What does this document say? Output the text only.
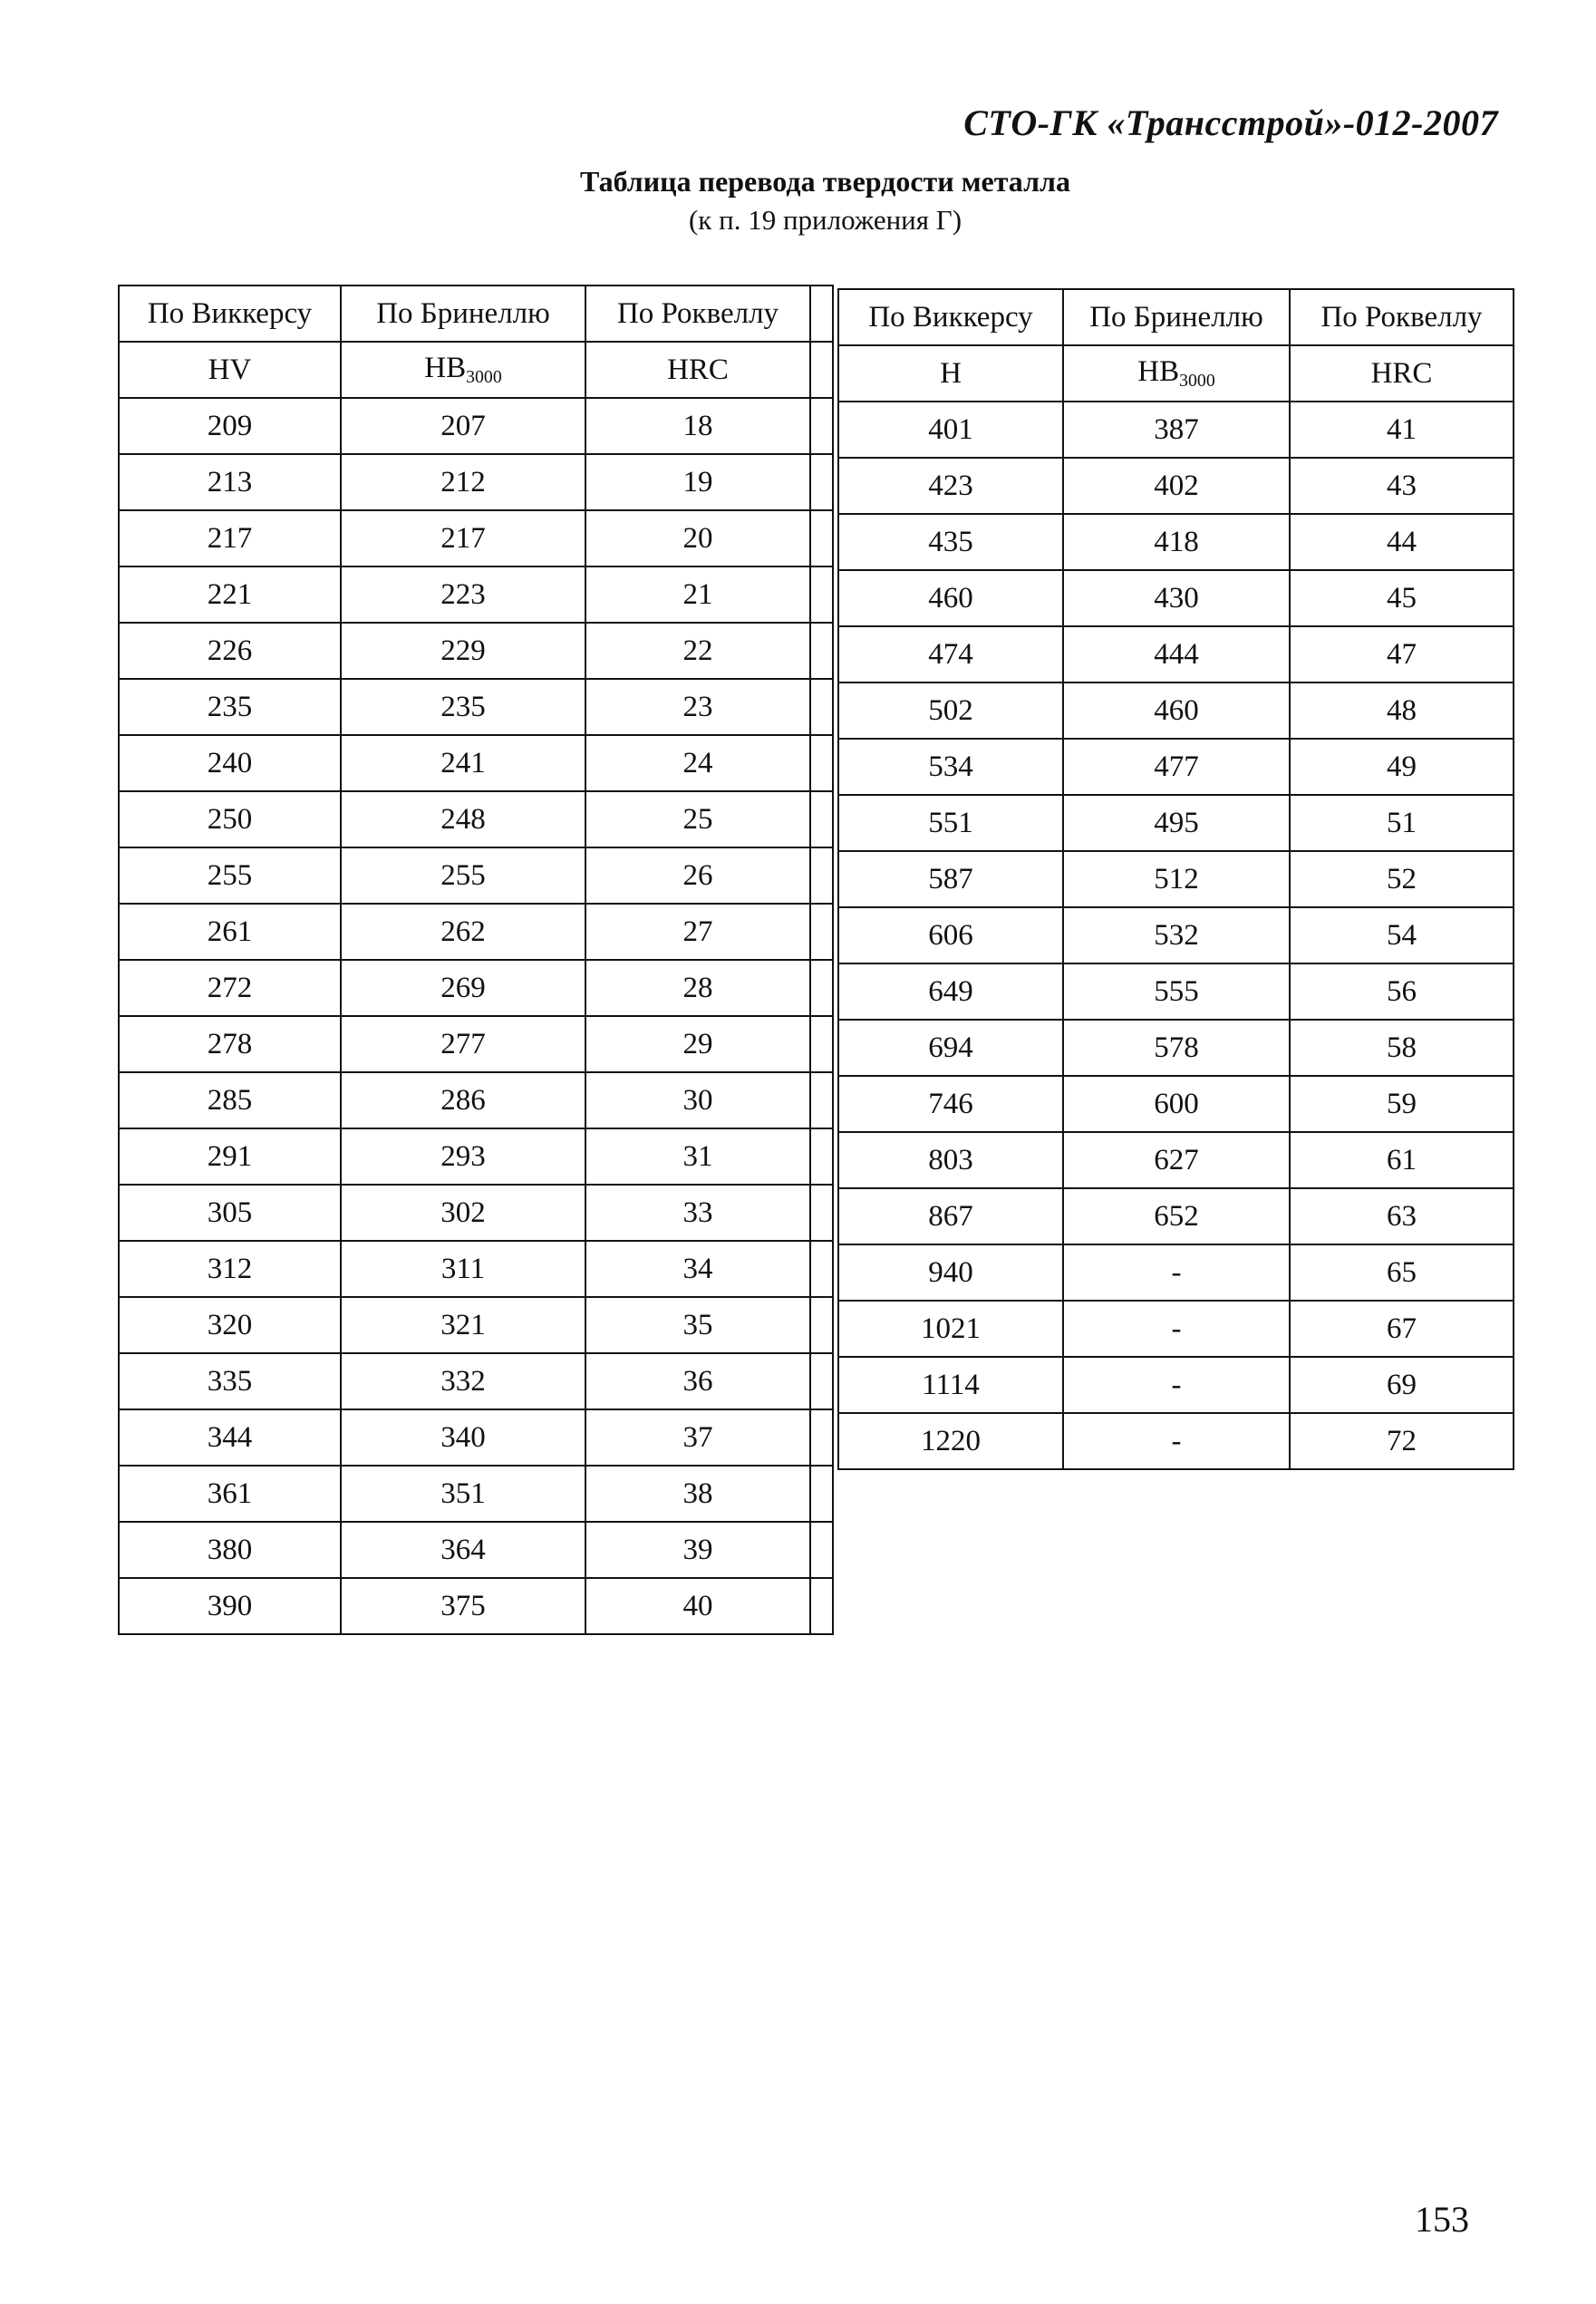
СТО-ГК «Трансстрой»-012-2007
Таблица перевода твердости металла
(к п. 19 приложения Г)
По Виккерсу	По Бринеллю	По Роквеллу	
HV	$HB_{3000}$	HRC	
209	207	18	
213	212	19	
217	217	20	
221	223	21	
226	229	22	
235	235	23	
240	241	24	
250	248	25	
255	255	26	
261	262	27	
272	269	28	
278	277	29	
285	286	30	
291	293	31	
305	302	33	
312	311	34	
320	321	35	
335	332	36	
344	340	37	
361	351	38	
380	364	39	
390	375	40	
По Виккерсу	По Бринеллю	По Роквеллу
H	$HB_{3000}$	HRC
401	387	41
423	402	43
435	418	44
460	430	45
474	444	47
502	460	48
534	477	49
551	495	51
587	512	52
606	532	54
649	555	56
694	578	58
746	600	59
803	627	61
867	652	63
940	-	65
1021	-	67
1114	-	69
1220	-	72
153
